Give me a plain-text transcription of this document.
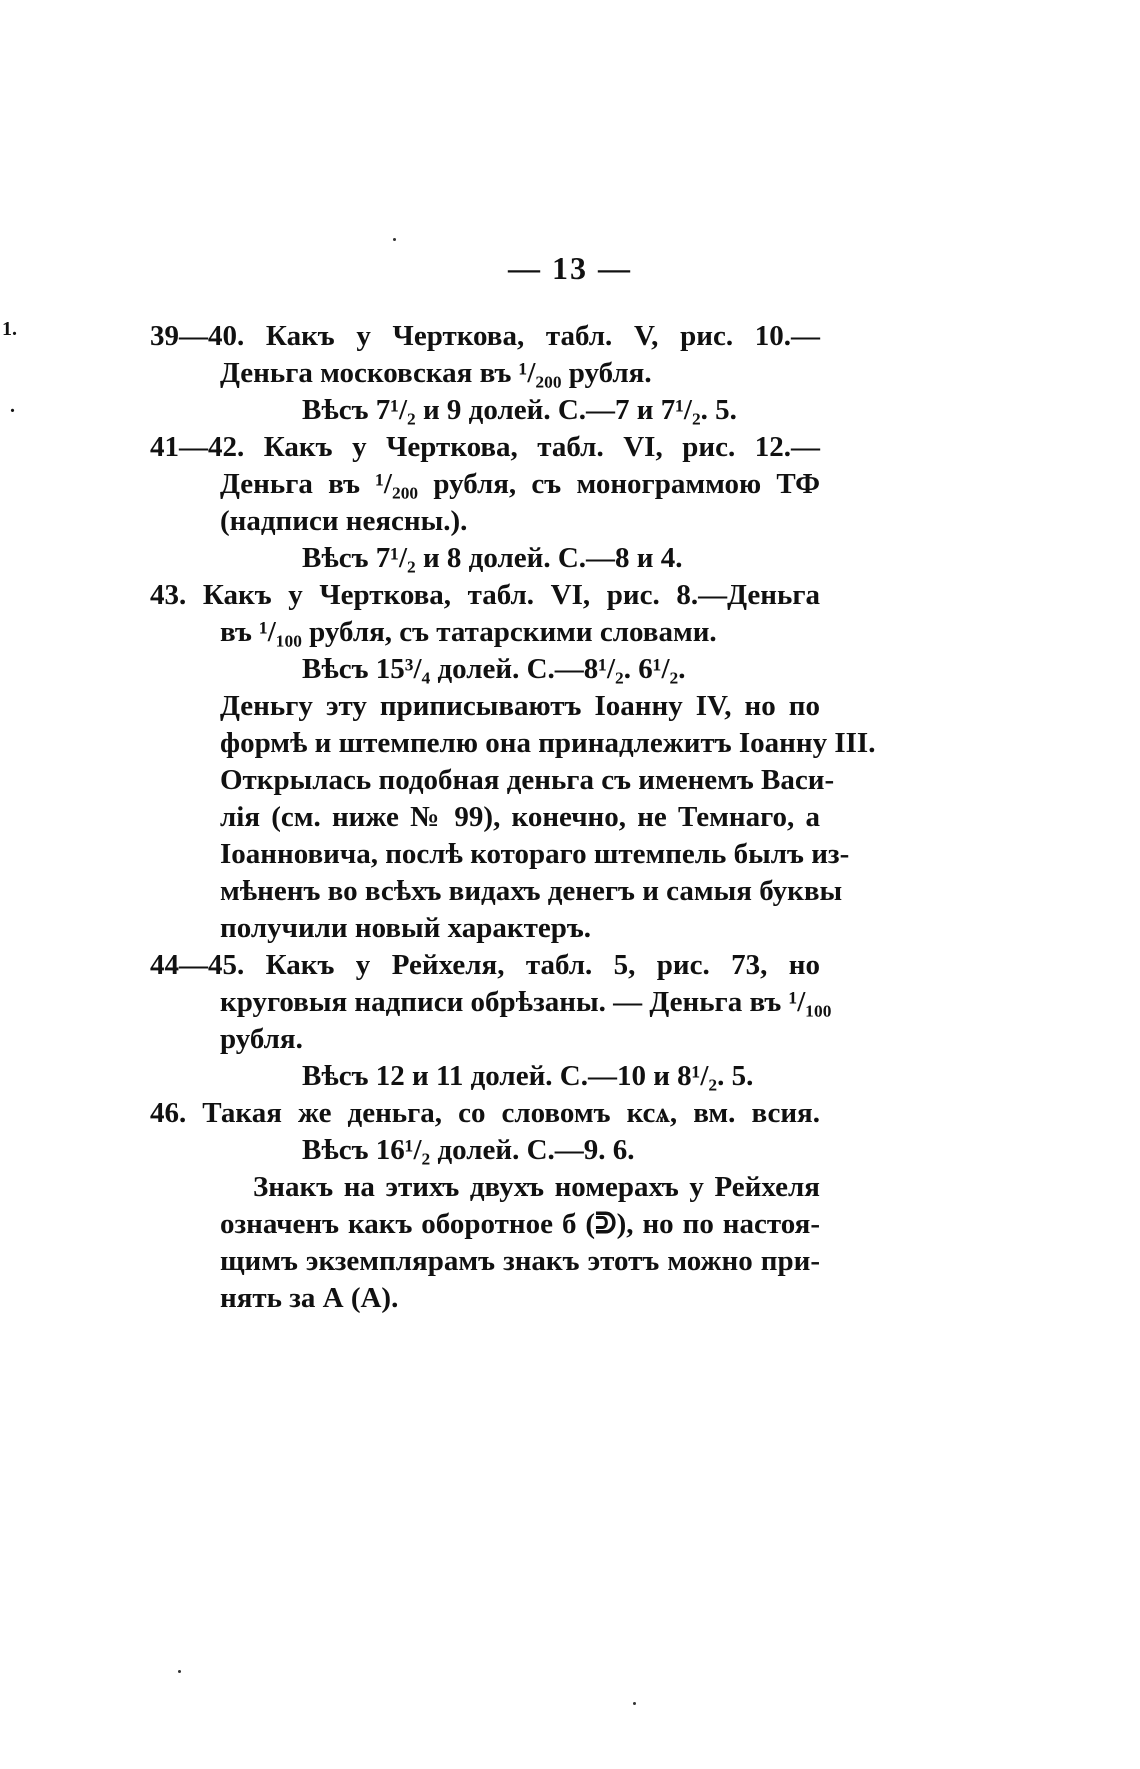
— 13 —
1.
.
39—40. Какъ у Черткова, табл. V, рис. 10.—
Деньга московская въ ¹/₂₀₀ рубля.
Вѣсъ 7¹/₂ и 9 долей. С.—7 и 7¹/₂. 5.
41—42. Какъ у Черткова, табл. VI, рис. 12.—
Деньга въ ¹/₂₀₀ рубля, съ монограммою ТФ
(надписи неясны.).
Вѣсъ 7¹/₂ и 8 долей. С.—8 и 4.
43. Какъ у Черткова, табл. VI, рис. 8.—Деньга
въ ¹/₁₀₀ рубля, съ татарскими словами.
Вѣсъ 15³/₄ долей. С.—8¹/₂. 6¹/₂.
Деньгу эту приписываютъ Іоанну IV, но по
формѣ и штемпелю она принадлежитъ Іоанну III.
Открылась подобная деньга съ именемъ Васи-
лія (см. ниже № 99), конечно, не Темнаго, а
Іоанновича, послѣ котораго штемпель былъ из-
мѣненъ во всѣхъ видахъ денегъ и самыя буквы
получили новый характеръ.
44—45. Какъ у Рейхеля, табл. 5, рис. 73, но
круговыя надписи обрѣзаны. — Деньга въ ¹/₁₀₀
рубля.
Вѣсъ 12 и 11 долей. С.—10 и 8¹/₂. 5.
46. Такая же деньга, со словомъ ксѧ, вм. всия.
Вѣсъ 16¹/₂ долей. С.—9. 6.
Знакъ на этихъ двухъ номерахъ у Рейхеля
означенъ какъ оборотное б (ᕲ), но по настоя-
щимъ экземплярамъ знакъ этотъ можно при-
нять за А (А).
